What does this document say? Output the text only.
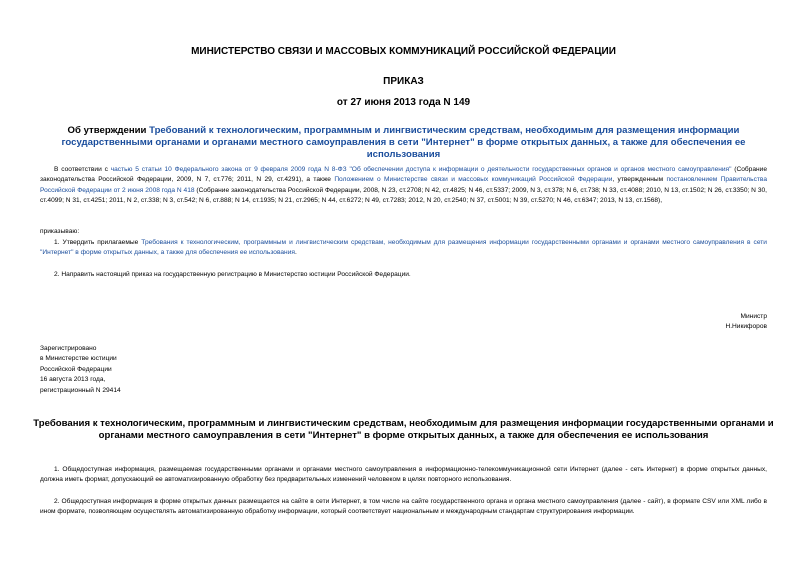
МИНИСТЕРСТВО СВЯЗИ И МАССОВЫХ КОММУНИКАЦИЙ РОССИЙСКОЙ ФЕДЕРАЦИИ
ПРИКАЗ
от 27 июня 2013 года N 149
Об утверждении Требований к технологическим, программным и лингвистическим средствам, необходимым для размещения информации государственными органами и органами местного самоуправления в сети "Интернет" в форме открытых данных, а также для обеспечения ее использования
В соответствии с частью 5 статьи 10 Федерального закона от 9 февраля 2009 года N 8-ФЗ "Об обеспечении доступа к информации о деятельности государственных органов и органов местного самоуправления" (Собрание законодательства Российской Федерации, 2009, N 7, ст.776; 2011, N 29, ст.4291), а также Положением о Министерстве связи и массовых коммуникаций Российской Федерации, утвержденным постановлением Правительства Российской Федерации от 2 июня 2008 года N 418 (Собрание законодательства Российской Федерации, 2008, N 23, ст.2708; N 42, ст.4825; N 46, ст.5337; 2009, N 3, ст.378; N 6, ст.738; N 33, ст.4088; 2010, N 13, ст.1502; N 26, ст.3350; N 30, ст.4099; N 31, ст.4251; 2011, N 2, ст.338; N 3, ст.542; N 6, ст.888; N 14, ст.1935; N 21, ст.2965; N 44, ст.6272; N 49, ст.7283; 2012, N 20, ст.2540; N 37, ст.5001; N 39, ст.5270; N 46, ст.6347; 2013, N 13, ст.1568),
приказываю:
1. Утвердить прилагаемые Требования к технологическим, программным и лингвистическим средствам, необходимым для размещения информации государственными органами и органами местного самоуправления в сети "Интернет" в форме открытых данных, а также для обеспечения ее использования.
2. Направить настоящий приказ на государственную регистрацию в Министерство юстиции Российской Федерации.
Министр
Н.Никифоров
Зарегистрировано
в Министерстве юстиции
Российской Федерации
16 августа 2013 года,
регистрационный N 29414
Требования к технологическим, программным и лингвистическим средствам, необходимым для размещения информации государственными органами и органами местного самоуправления в сети "Интернет" в форме открытых данных, а также для обеспечения ее использования
1. Общедоступная информация, размещаемая государственными органами и органами местного самоуправления в информационно-телекоммуникационной сети Интернет (далее - сеть Интернет) в форме открытых данных, должна иметь формат, допускающий ее автоматизированную обработку без предварительных изменений человеком в целях повторного использования.
2. Общедоступная информация в форме открытых данных размещается на сайте в сети Интернет, в том числе на сайте государственного органа и органа местного самоуправления (далее - сайт), в формате CSV или XML либо в ином формате, позволяющем осуществлять автоматизированную обработку информации, который соответствует национальным и международным стандартам структурирования информации.
